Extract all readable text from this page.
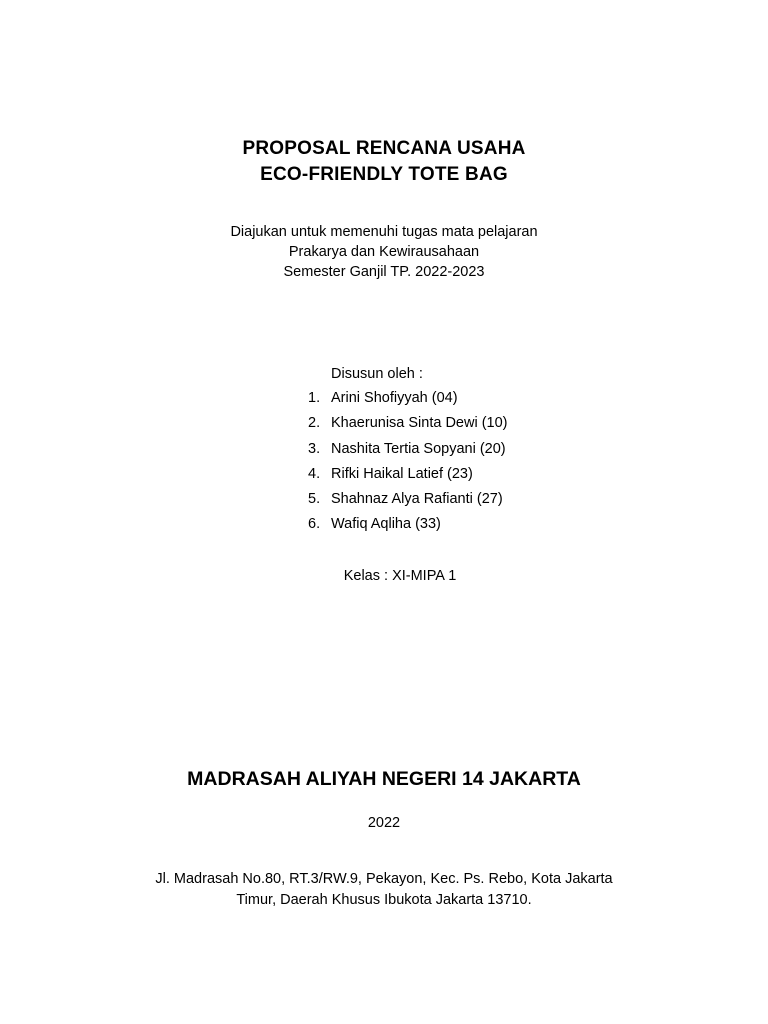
PROPOSAL RENCANA USAHA
ECO-FRIENDLY TOTE BAG
Diajukan untuk memenuhi tugas mata pelajaran
Prakarya dan Kewirausahaan
Semester Ganjil TP. 2022-2023
Disusun oleh :
1. Arini Shofiyyah (04)
2. Khaerunisa Sinta Dewi (10)
3. Nashita Tertia Sopyani (20)
4. Rifki Haikal Latief (23)
5. Shahnaz Alya Rafianti (27)
6. Wafiq Aqliha (33)
Kelas : XI-MIPA 1
MADRASAH ALIYAH NEGERI 14 JAKARTA
2022
Jl. Madrasah No.80, RT.3/RW.9, Pekayon, Kec. Ps. Rebo, Kota Jakarta
Timur, Daerah Khusus Ibukota Jakarta 13710.
